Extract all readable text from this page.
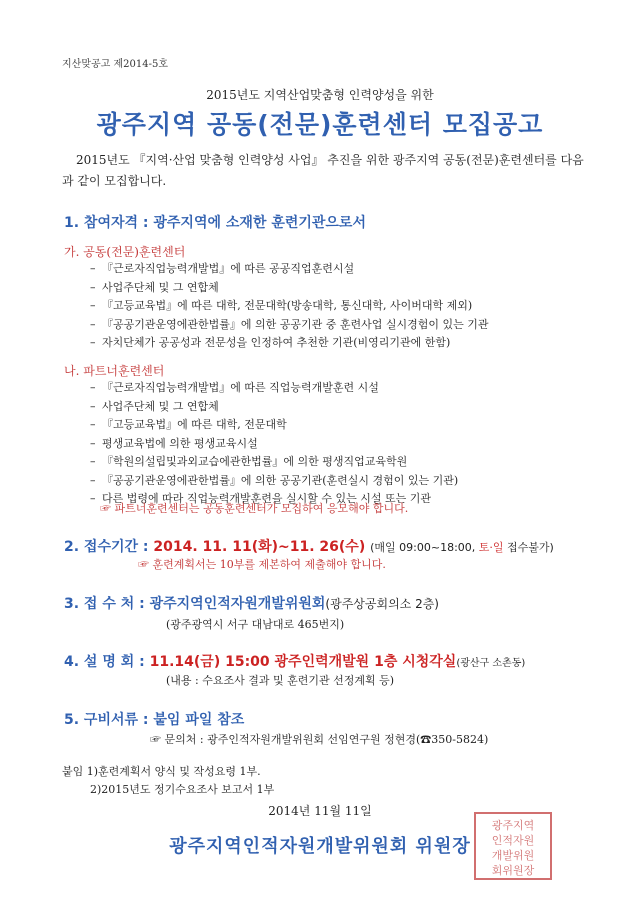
지산맞공고 제2014-5호
2015년도 지역산업맞춤형 인력양성을 위한
광주지역 공동(전문)훈련센터 모집공고
2015년도 『지역·산업 맞춤형 인력양성 사업』 추진을 위한 광주지역 공동(전문)훈련센터를 다음과 같이 모집합니다.
1. 참여자격 : 광주지역에 소재한 훈련기관으로서
가. 공동(전문)훈련센터
– 『근로자직업능력개발법』에 따른 공공직업훈련시설
– 사업주단체 및 그 연합체
– 『고등교육법』에 따른 대학, 전문대학(방송대학, 통신대학, 사이버대학 제외)
– 『공공기관운영에관한법률』에 의한 공공기관 중 훈련사업 실시경험이 있는 기관
– 자치단체가 공공성과 전문성을 인정하여 추천한 기관(비영리기관에 한함)
나. 파트너훈련센터
– 『근로자직업능력개발법』에 따른 직업능력개발훈련 시설
– 사업주단체 및 그 연합체
– 『고등교육법』에 따른 대학, 전문대학
– 평생교육법에 의한 평생교육시설
– 『학원의설립및과외교습에관한법률』에 의한 평생직업교육학원
– 『공공기관운영에관한법률』에 의한 공공기관(훈련실시 경험이 있는 기관)
– 다른 법령에 따라 직업능력개발훈련을 실시할 수 있는 시설 또는 기관
☞ 파트너훈련센터는 공동훈련센터가 모집하여 응모해야 합니다.
2. 접수기간 : 2014. 11. 11(화)~11. 26(수) (매일 09:00~18:00, 토·일 접수불가)
☞ 훈련계획서는 10부를 제본하여 제출해야 합니다.
3. 접 수 처 : 광주지역인적자원개발위원회(광주상공회의소 2층)
(광주광역시 서구 대남대로 465번지)
4. 설 명 회 : 11.14(금) 15:00 광주인력개발원 1층 시청각실(광산구 소촌동)
(내용 : 수요조사 결과 및 훈련기관 선정계획 등)
5. 구비서류 : 붙임 파일 참조
☞ 문의처 : 광주인적자원개발위원회 선임연구원 정현경(☎350-5824)
붙임 1)훈련계획서 양식 및 작성요령 1부.
2)2015년도 정기수요조사 보고서 1부
2014년 11월 11일
광주지역
인적자원
개발위원
회위원장
광주지역인적자원개발위원회 위원장
